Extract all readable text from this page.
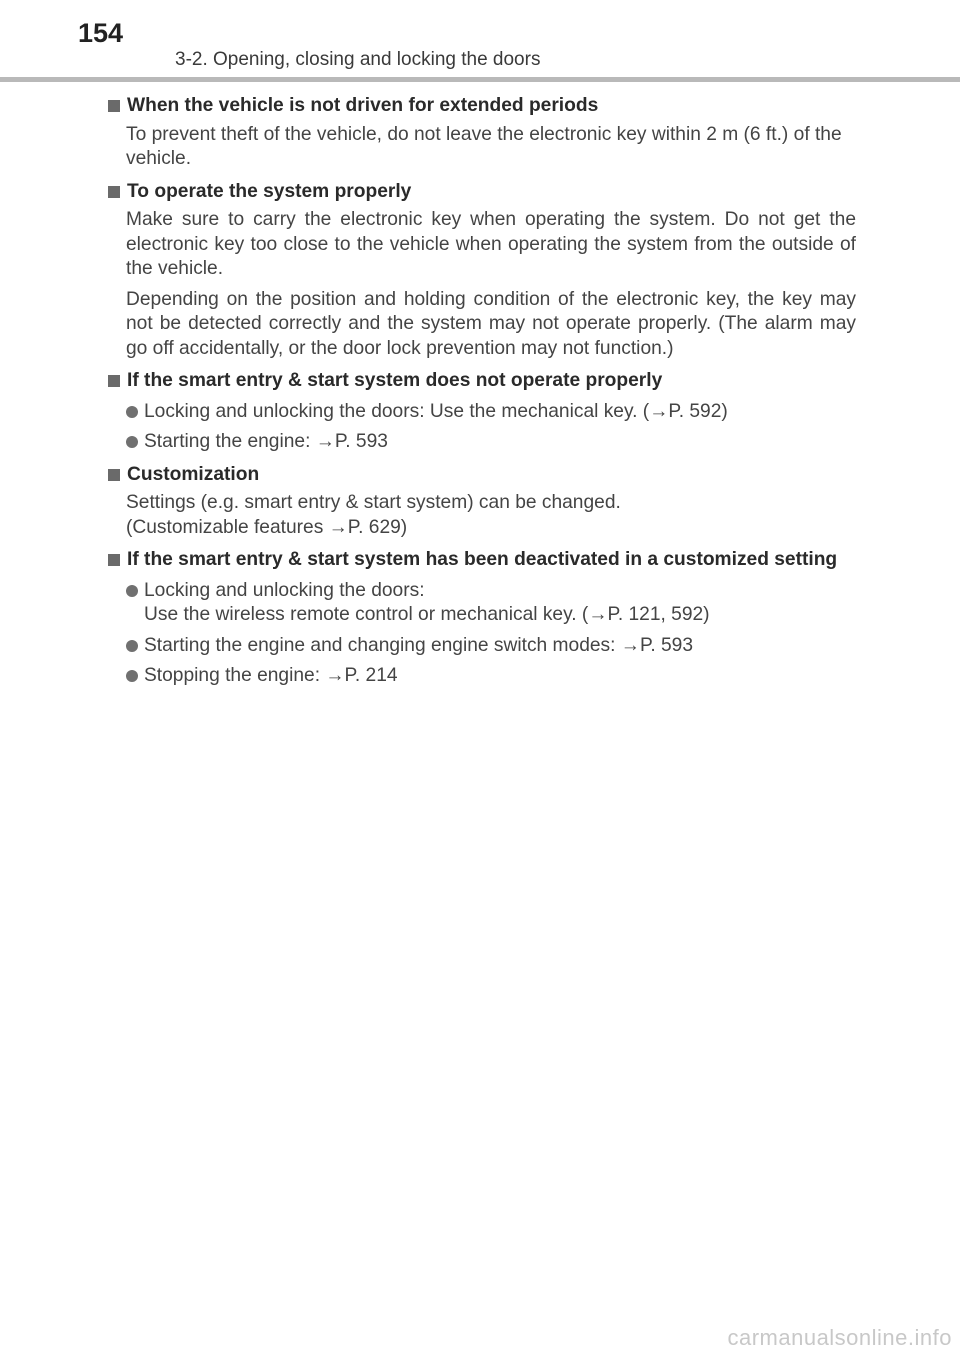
154
3-2. Opening, closing and locking the doors
When the vehicle is not driven for extended periods
To prevent theft of the vehicle, do not leave the electronic key within 2 m (6 ft.) of the vehicle.
To operate the system properly
Make sure to carry the electronic key when operating the system. Do not get the electronic key too close to the vehicle when operating the system from the outside of the vehicle.
Depending on the position and holding condition of the electronic key, the key may not be detected correctly and the system may not operate properly. (The alarm may go off accidentally, or the door lock prevention may not function.)
If the smart entry & start system does not operate properly
Locking and unlocking the doors: Use the mechanical key. (→P. 592)
Starting the engine: →P. 593
Customization
Settings (e.g. smart entry & start system) can be changed.
(Customizable features →P. 629)
If the smart entry & start system has been deactivated in a customized setting
Locking and unlocking the doors:
Use the wireless remote control or mechanical key. (→P. 121, 592)
Starting the engine and changing engine switch modes: →P. 593
Stopping the engine: →P. 214
carmanualsonline.info
